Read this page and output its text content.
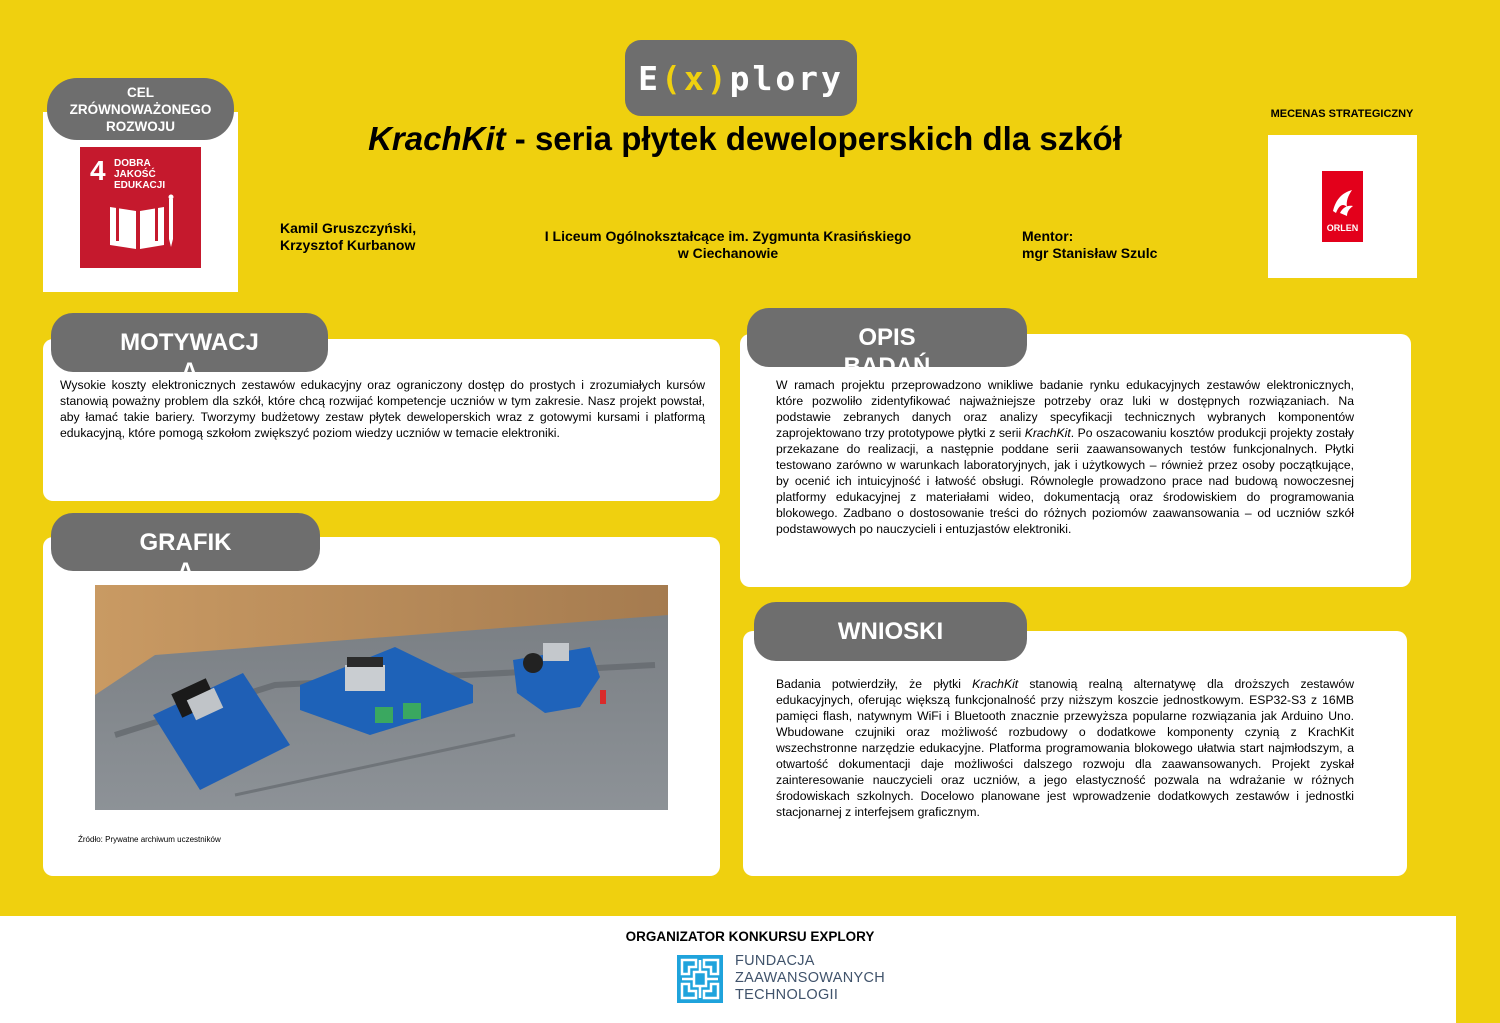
E ( x ) plory
KrachKit - seria płytek deweloperskich dla szkół
CEL
ZRÓWNOWAŻONEGO
ROZWOJU
4 DOBRA JAKOŚĆ
EDUKACJI
Kamil Gruszczyński,
Krzysztof Kurbanow
I Liceum Ogólnokształcące im. Zygmunta Krasińskiego
w Ciechanowie
Mentor:
mgr Stanisław Szulc
MECENAS STRATEGICZNY
ORLEN
MOTYWACJ
A
Wysokie koszty elektronicznych zestawów edukacyjny oraz ograniczony dostęp do prostych i zrozumiałych kursów stanowią poważny problem dla szkół, które chcą rozwijać kompetencje uczniów w tym zakresie. Nasz projekt powstał, aby łamać takie bariery. Tworzymy budżetowy zestaw płytek deweloperskich wraz z gotowymi kursami i platformą edukacyjną, które pomogą szkołom zwiększyć poziom wiedzy uczniów w temacie elektroniki.
GRAFIK
A
Źródło: Prywatne archiwum uczestników
OPIS
BADAŃ
W ramach projektu przeprowadzono wnikliwe badanie rynku edukacyjnych zestawów elektronicznych, które pozwoliło zidentyfikować najważniejsze potrzeby oraz luki w dostępnych rozwiązaniach. Na podstawie zebranych danych oraz analizy specyfikacji technicznych wybranych komponentów zaprojektowano trzy prototypowe płytki z serii KrachKit. Po oszacowaniu kosztów produkcji projekty zostały przekazane do realizacji, a następnie poddane serii zaawansowanych testów funkcjonalnych. Płytki testowano zarówno w warunkach laboratoryjnych, jak i użytkowych – również przez osoby początkujące, by ocenić ich intuicyjność i łatwość obsługi. Równolegle prowadzono prace nad budową nowoczesnej platformy edukacyjnej z materiałami wideo, dokumentacją oraz środowiskiem do programowania blokowego. Zadbano o dostosowanie treści do różnych poziomów zaawansowania – od uczniów szkół podstawowych po nauczycieli i entuzjastów elektroniki.
WNIOSKI
Badania potwierdziły, że płytki KrachKit stanowią realną alternatywę dla droższych zestawów edukacyjnych, oferując większą funkcjonalność przy niższym koszcie jednostkowym. ESP32-S3 z 16MB pamięci flash, natywnym WiFi i Bluetooth znacznie przewyższa popularne rozwiązania jak Arduino Uno. Wbudowane czujniki oraz możliwość rozbudowy o dodatkowe komponenty czynią z KrachKit wszechstronne narzędzie edukacyjne. Platforma programowania blokowego ułatwia start najmłodszym, a otwartość dokumentacji daje możliwości dalszego rozwoju dla zaawansowanych. Projekt zyskał zainteresowanie nauczycieli oraz uczniów, a jego elastyczność pozwala na wdrażanie w różnych środowiskach szkolnych. Docelowo planowane jest wprowadzenie dodatkowych zestawów i jednostki stacjonarnej z interfejsem graficznym.
ORGANIZATOR KONKURSU EXPLORY
FUNDACJA
ZAAWANSOWANYCH
TECHNOLOGII
